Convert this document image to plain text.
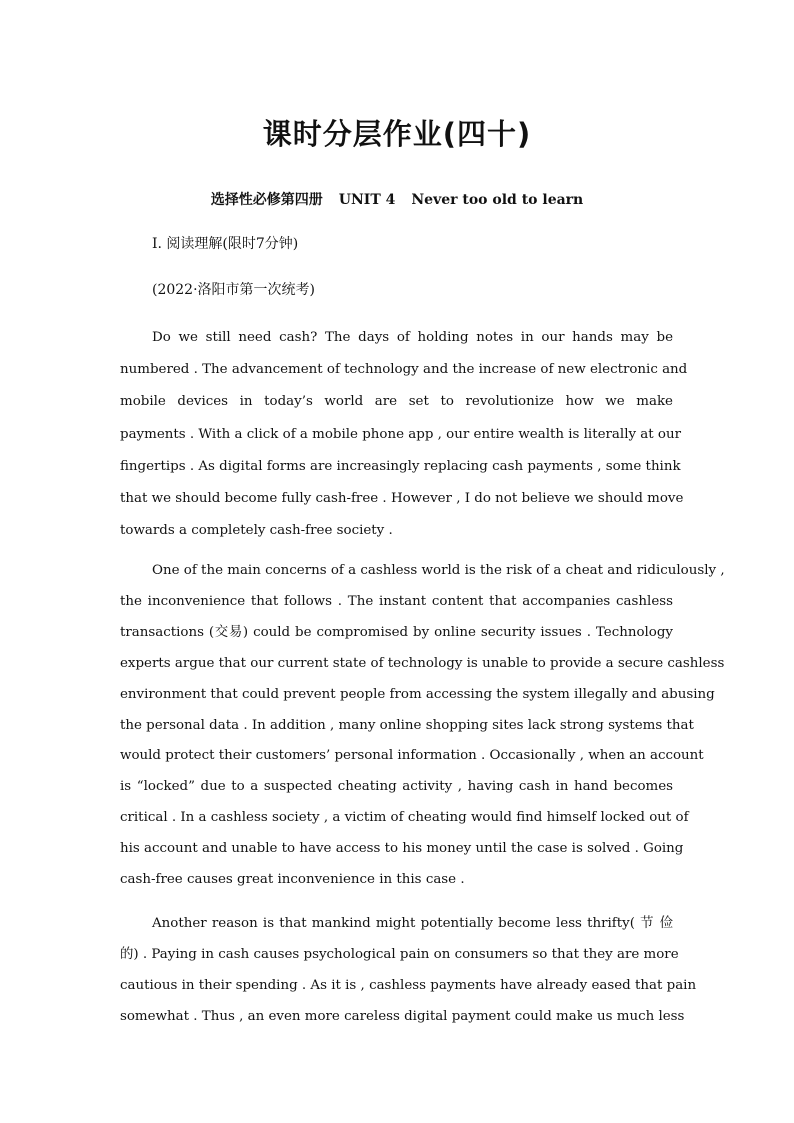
课时分层作业(四十)
选择性必修第四册 UNIT 4 Never too old to learn
Ⅰ. 阅读理解(限时7分钟)
(2022·洛阳市第一次统考)
Do we still need cash? The days of holding notes in our hands may be
numbered . The advancement of technology and the increase of new electronic and
mobile devices in today’s world are set to revolutionize how we make
payments . With a click of a mobile phone app , our entire wealth is literally at our
fingertips . As digital forms are increasingly replacing cash payments , some think
that we should become fully cash-free . However , I do not believe we should move
towards a completely cash-free society .
One of the main concerns of a cashless world is the risk of a cheat and ridiculously ,
the inconvenience that follows . The instant content that accompanies cashless
transactions (交易) could be compromised by online security issues . Technology
experts argue that our current state of technology is unable to provide a secure cashless
environment that could prevent people from accessing the system illegally and abusing
the personal data . In addition , many online shopping sites lack strong systems that
would protect their customers’ personal information . Occasionally , when an account
is “locked” due to a suspected cheating activity , having cash in hand becomes
critical . In a cashless society , a victim of cheating would find himself locked out of
his account and unable to have access to his money until the case is solved . Going
cash-free causes great inconvenience in this case .
Another reason is that mankind might potentially become less thrifty( 节 俭
的) . Paying in cash causes psychological pain on consumers so that they are more
cautious in their spending . As it is , cashless payments have already eased that pain
somewhat . Thus , an even more careless digital payment could make us much less
